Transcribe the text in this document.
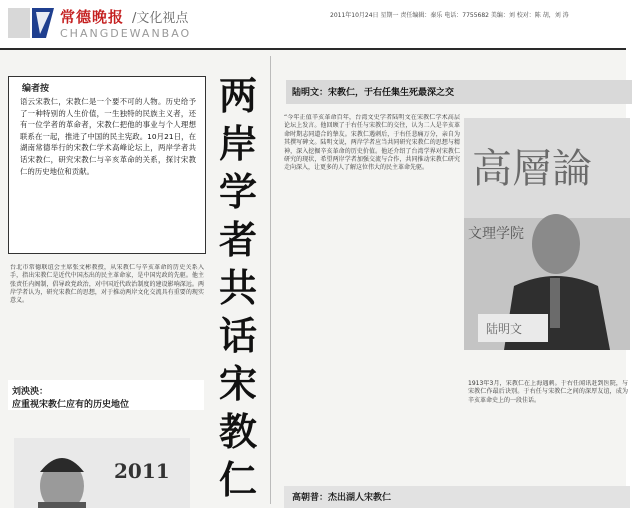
常德晚报 /文化视点
CHANGDEWANBAO
2011年10月24日 星期一 责任编辑：秦乐 电话：7755682 美编：刘 校对：陈 胡，刘 涛
编者按
语云宋教仁，宋教仁是一个要不可的人物。历史给予了一种特别的人生价值，一生独特的民族主义者，还有一位学者的革命者，宋教仁把他的事业与个人理想联系在一起，推进了中国的民主宪政。10月21日，在湖南常德举行的宋教仁学术高峰论坛上，两岸学者共话宋教仁，研究宋教仁与辛亥革命的关系，探讨宋教仁的历史地位和贡献。
台北市常德联谊会主席张文彬教授，从宋教仁与辛亥革命的历史关系入手，指出宋教仁是近代中国杰出的民主革命家，是中国宪政的先驱。他主张责任内阁制，倡导政党政治，对中国近代政治制度的建设影响深远。两岸学者认为，研究宋教仁的思想，对于推动两岸文化交流具有重要的现实意义。
刘泱泱：
应重视宋教仁应有的历史地位
2011
两
岸
学
者
共
话
宋
教
仁
陆明文：宋教仁，于右任集生死最深之交
“今年正值辛亥革命百年，台湾文史学者陆明文在宋教仁学术高层论坛上发言。他回顾了于右任与宋教仁的交往，认为二人是辛亥革命时期志同道合的挚友。宋教仁遇刺后，于右任悲痛万分，亲自为其撰写碑文。陆明文说，两岸学者应当共同研究宋教仁的思想与精神，深入挖掘辛亥革命的历史价值。他还介绍了台湾学界对宋教仁研究的现状，希望两岸学者加强交流与合作，共同推动宋教仁研究走向深入，让更多的人了解这位伟大的民主革命先驱。	高層論
文理学院
陆明文
1913年3月，宋教仁在上海遇刺。于右任闻讯赶到医院，与宋教仁作最后诀别。于右任与宋教仁之间的深厚友谊，成为辛亥革命史上的一段佳话。
高朝普：杰出湖人宋教仁
